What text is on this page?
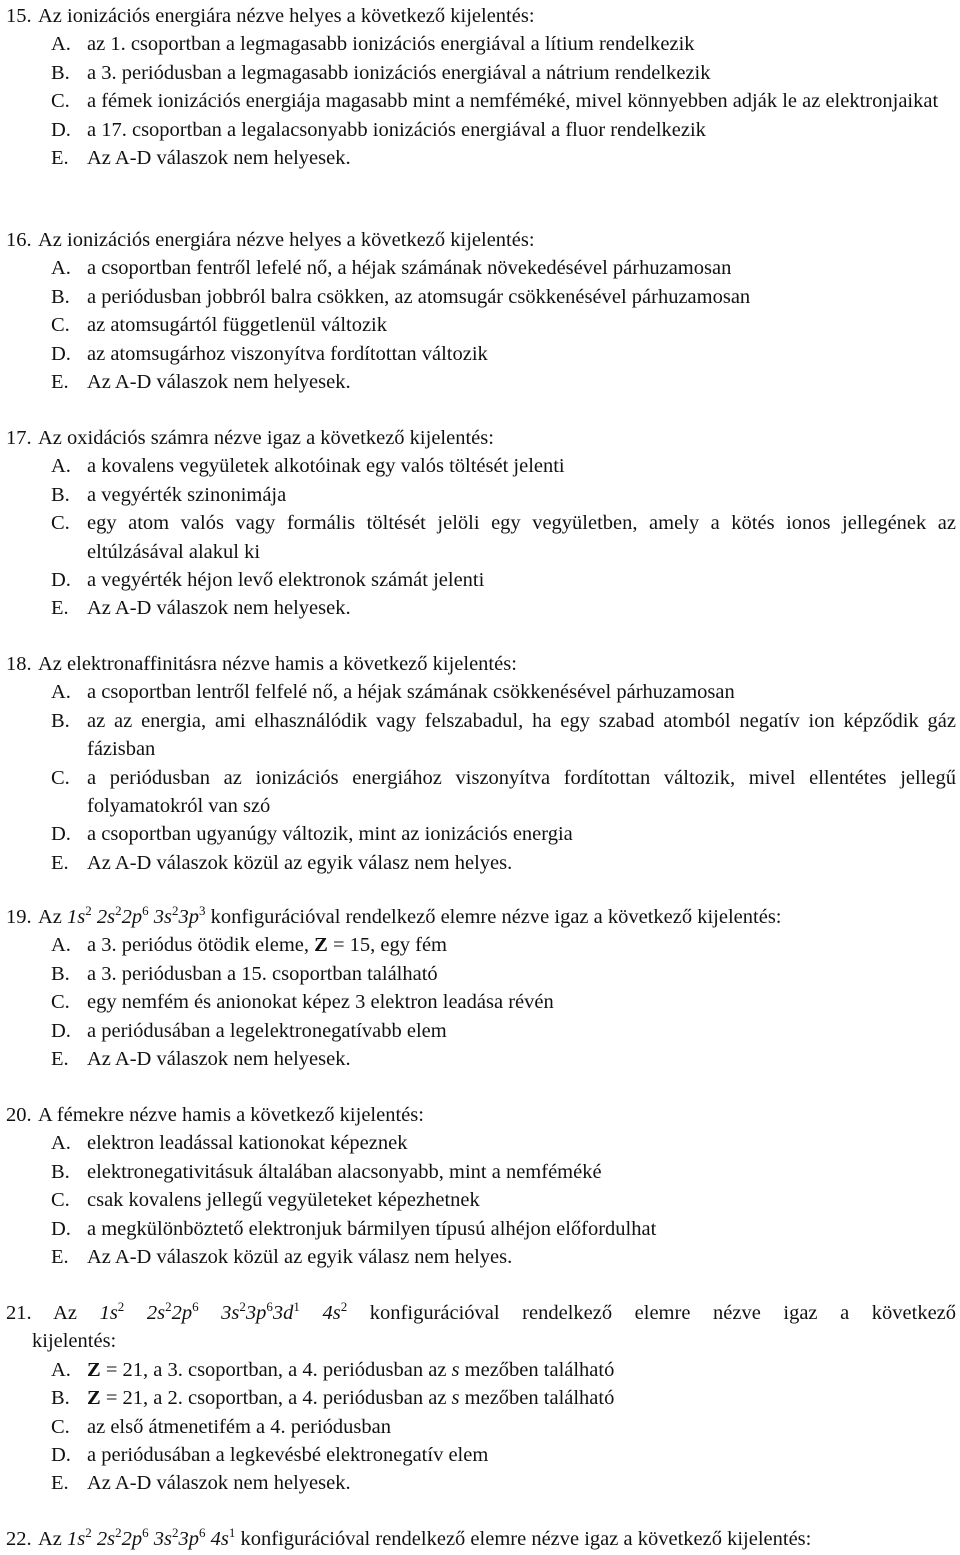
15. Az ionizációs energiára nézve helyes a következő kijelentés:
A. az 1. csoportban a legmagasabb ionizációs energiával a lítium rendelkezik
B. a 3. periódusban a legmagasabb ionizációs energiával a nátrium rendelkezik
C. a fémek ionizációs energiája magasabb mint a nemféméké, mivel könnyebben adják le az elektronjaikat
D. a 17. csoportban a legalacsonyabb ionizációs energiával a fluor rendelkezik
E. Az A-D válaszok nem helyesek.
16. Az ionizációs energiára nézve helyes a következő kijelentés:
A. a csoportban fentről lefelé nő, a héjak számának növekedésével párhuzamosan
B. a periódusban jobbról balra csökken, az atomsugár csökkenésével párhuzamosan
C. az atomsugártól függetlenül változik
D. az atomsugárhoz viszonyítva fordítottan változik
E. Az A-D válaszok nem helyesek.
17. Az oxidációs számra nézve igaz a következő kijelentés:
A. a kovalens vegyületek alkotóinak egy valós töltését jelenti
B. a vegyérték szinonimája
C. egy atom valós vagy formális töltését jelöli egy vegyületben, amely a kötés ionos jellegének az eltúlzásával alakul ki
D. a vegyérték héjon levő elektronok számát jelenti
E. Az A-D válaszok nem helyesek.
18. Az elektronaffinitásra nézve hamis a következő kijelentés:
A. a csoportban lentről felfelé nő, a héjak számának csökkenésével párhuzamosan
B. az az energia, ami elhasználódik vagy felszabadul, ha egy szabad atomból negatív ion képződik gáz fázisban
C. a periódusban az ionizációs energiához viszonyítva fordítottan változik, mivel ellentétes jellegű folyamatokról van szó
D. a csoportban ugyanúgy változik, mint az ionizációs energia
E. Az A-D válaszok közül az egyik válasz nem helyes.
19. Az $1s^2$ $2s^22p^6$ $3s^23p^3$ konfigurációval rendelkező elemre nézve igaz a következő kijelentés:
A. a 3. periódus ötödik eleme, Z = 15, egy fém
B. a 3. periódusban a 15. csoportban található
C. egy nemfém és anionokat képez 3 elektron leadása révén
D. a periódusában a legelektronegatívabb elem
E. Az A-D válaszok nem helyesek.
20. A fémekre nézve hamis a következő kijelentés:
A. elektron leadással kationokat képeznek
B. elektronegativitásuk általában alacsonyabb, mint a nemféméké
C. csak kovalens jellegű vegyületeket képezhetnek
D. a megkülönböztető elektronjuk bármilyen típusú alhéjon előfordulhat
E. Az A-D válaszok közül az egyik válasz nem helyes.
21. Az $1s^2$ $2s^22p^6$ $3s^23p^63d^1$ $4s^2$ konfigurációval rendelkező elemre nézve igaz a következő
kijelentés:
A. Z = 21, a 3. csoportban, a 4. periódusban az s mezőben található
B. Z = 21, a 2. csoportban, a 4. periódusban az s mezőben található
C. az első átmenetifém a 4. periódusban
D. a periódusában a legkevésbé elektronegatív elem
E. Az A-D válaszok nem helyesek.
22. Az $1s^2$ $2s^22p^6$ $3s^23p^6$ $4s^1$ konfigurációval rendelkező elemre nézve igaz a következő kijelentés:
